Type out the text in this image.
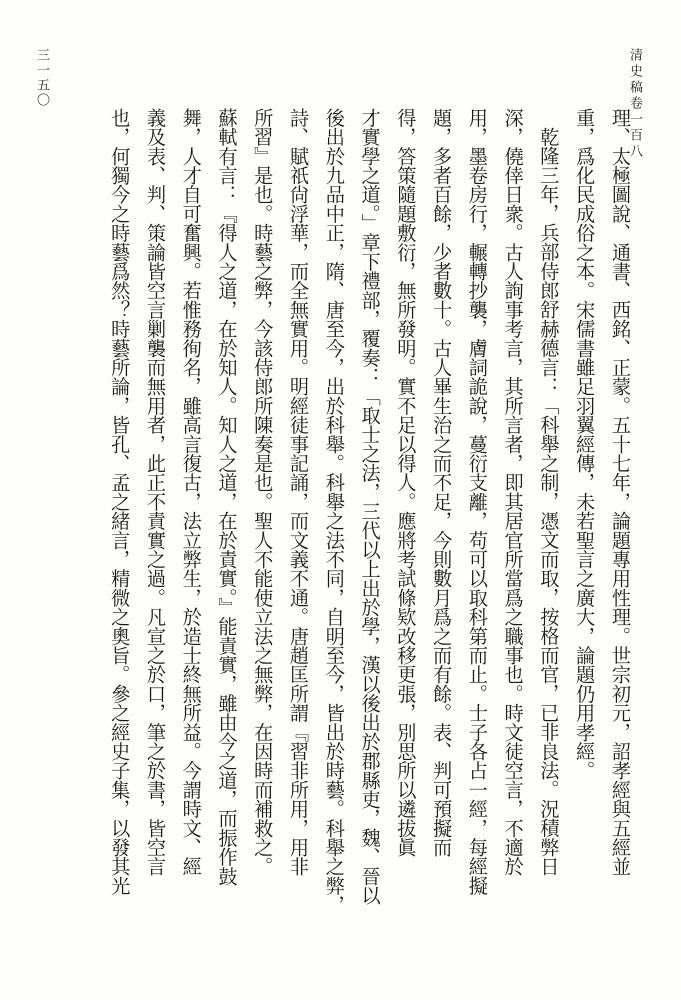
清史稿卷一百八
三一五〇
理、太極圖說、通書、西銘、正蒙。五十七年，論題專用性理。世宗初元，詔孝經與五經並
重，爲化民成俗之本。宋儒書雖足羽翼經傳，未若聖言之廣大，論題仍用孝經。
乾隆三年，兵部侍郎舒赫德言：「科舉之制，憑文而取，按格而官，已非良法。況積弊日
深，僥倖日衆。古人詢事考言，其所言者，即其居官所當爲之職事也。時文徒空言，不適於
用，墨卷房行，輾轉抄襲，膚詞詭說，蔓衍支離，苟可以取科第而止。士子各占一經，每經擬
題，多者百餘，少者數十。古人畢生治之而不足，今則數月爲之而有餘。表、判可預擬而
得，答策隨題敷衍，無所發明。實不足以得人。應將考試條欵改移更張，別思所以遴拔眞
才實學之道。」章下禮部，覆奏：「取士之法，三代以上出於學，漢以後出於郡縣吏，魏、晉以
後出於九品中正，隋、唐至今，出於科舉。科舉之法不同，自明至今，皆出於時藝。科舉之弊，
詩、賦祇尙浮華，而全無實用。明經徒事記誦，而文義不通。唐趙匡所謂『習非所用，用非
所習』是也。時藝之弊，今該侍郎所陳奏是也。聖人不能使立法之無弊，在因時而補救之。
蘇軾有言：『得人之道，在於知人。知人之道，在於責實。』能責實，雖由今之道，而振作鼓
舞，人才自可奮興。若惟務徇名，雖高言復古，法立弊生，於造士終無所益。今謂時文、經
義及表、判、策論皆空言剿襲而無用者，此正不責實之過。凡宣之於口，筆之於書，皆空言
也，何獨今之時藝爲然？時藝所論，皆孔、孟之緒言，精微之奧旨。參之經史子集，以發其光
